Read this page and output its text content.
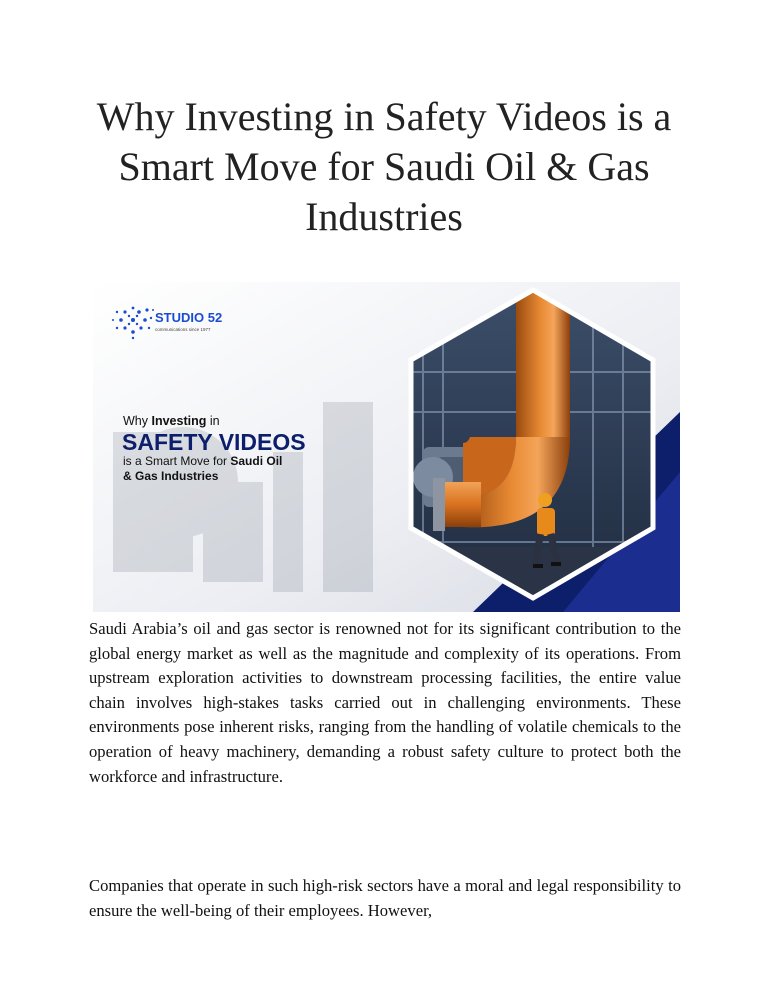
Why Investing in Safety Videos is a Smart Move for Saudi Oil & Gas Industries
STUDIO 52
communications since 1977
Why Investing in
SAFETY VIDEOS
is a Smart Move for Saudi Oil
& Gas Industries

Saudi Arabia’s oil and gas sector is renowned not for its significant contribution to the global energy market as well as the magnitude and complexity of its operations. From upstream exploration activities to downstream processing facilities, the entire value chain involves high-stakes tasks carried out in challenging environments. These environments pose inherent risks, ranging from the handling of volatile chemicals to the operation of heavy machinery, demanding a robust safety culture to protect both the workforce and infrastructure.

Companies that operate in such high-risk sectors have a moral and legal responsibility to ensure the well-being of their employees. However,
